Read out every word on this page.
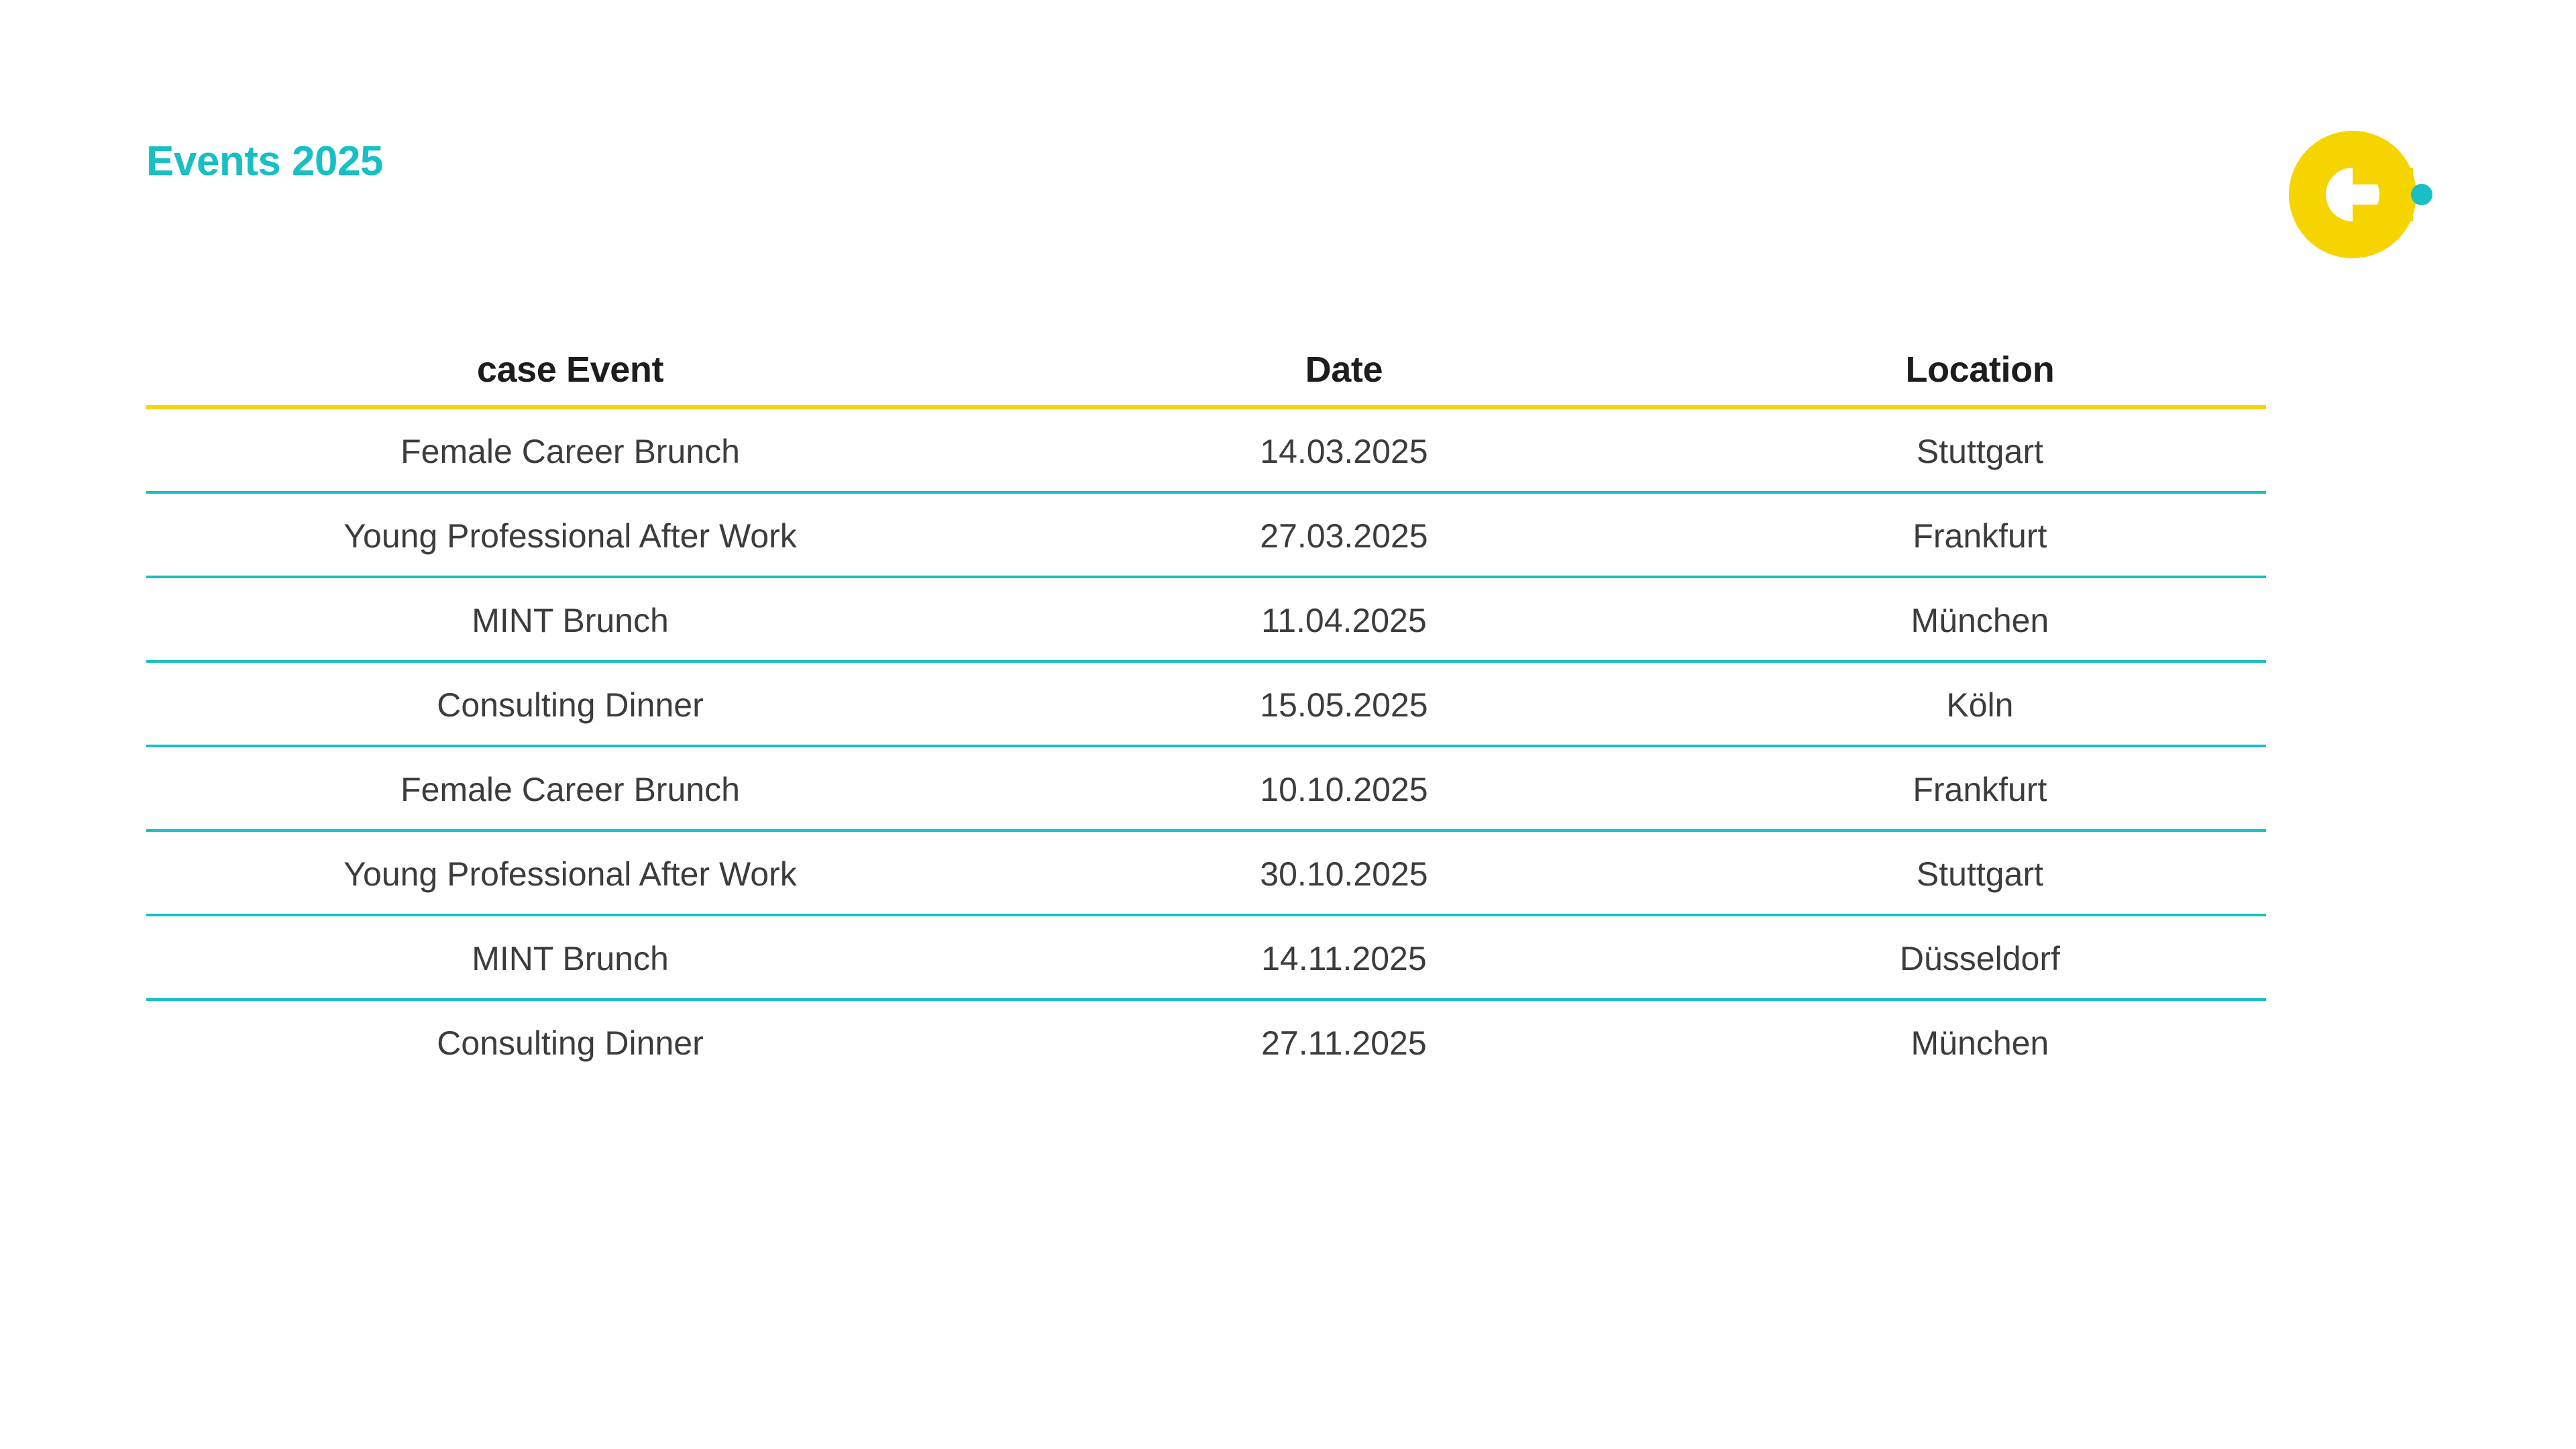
Events 2025
case Event	Date	Location
Female Career Brunch	14.03.2025	Stuttgart
Young Professional After Work	27.03.2025	Frankfurt
MINT Brunch	11.04.2025	München
Consulting Dinner	15.05.2025	Köln
Female Career Brunch	10.10.2025	Frankfurt
Young Professional After Work	30.10.2025	Stuttgart
MINT Brunch	14.11.2025	Düsseldorf
Consulting Dinner	27.11.2025	München
